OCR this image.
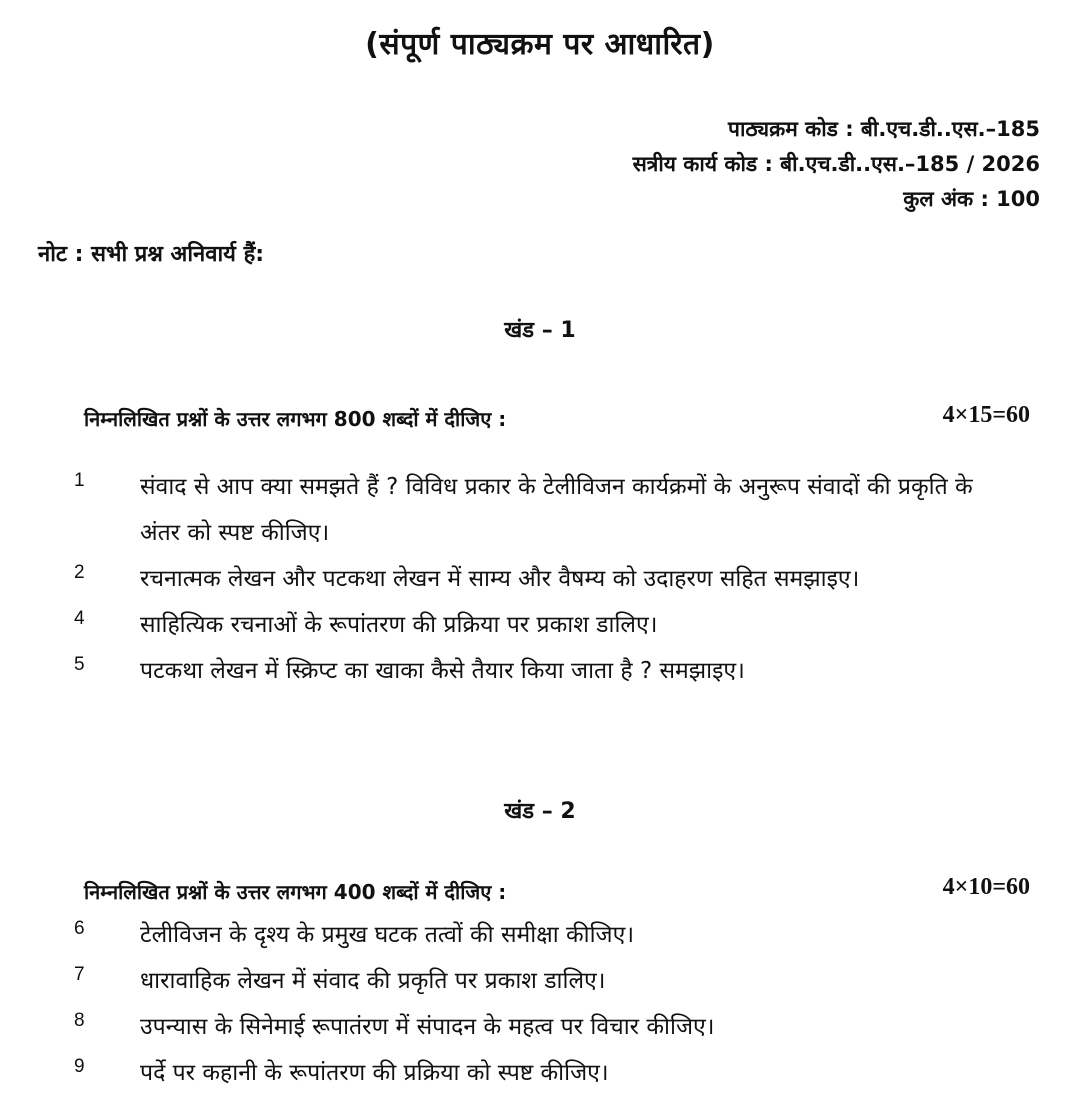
(संपूर्ण पाठ्यक्रम पर आधारित)
पाठ्यक्रम कोड : बी.एच.डी..एस.–185
सत्रीय कार्य कोड : बी.एच.डी..एस.–185 / 2026
कुल अंक : 100
नोट : सभी प्रश्न अनिवार्य हैं:
खंड – 1
निम्नलिखित प्रश्नों के उत्तर लगभग 800 शब्दों में दीजिए :	4×15=60
1	संवाद से आप क्या समझते हैं ? विविध प्रकार के टेलीविजन कार्यक्रमों के अनुरूप संवादों की प्रकृति के अंतर को स्पष्ट कीजिए।
2	रचनात्मक लेखन और पटकथा लेखन में साम्य और वैषम्य को उदाहरण सहित समझाइए।
4	साहित्यिक रचनाओं के रूपांतरण की प्रक्रिया पर प्रकाश डालिए।
5	पटकथा लेखन में स्क्रिप्ट का खाका कैसे तैयार किया जाता है ? समझाइए।
खंड – 2
निम्नलिखित प्रश्नों के उत्तर लगभग 400 शब्दों में दीजिए :	4×10=60
6	टेलीविजन के दृश्य के प्रमुख घटक तत्वों की समीक्षा कीजिए।
7	धारावाहिक लेखन में संवाद की प्रकृति पर प्रकाश डालिए।
8	उपन्यास के सिनेमाई रूपातंरण में संपादन के महत्व पर विचार कीजिए।
9	पर्दे पर कहानी के रूपांतरण की प्रक्रिया को स्पष्ट कीजिए।
